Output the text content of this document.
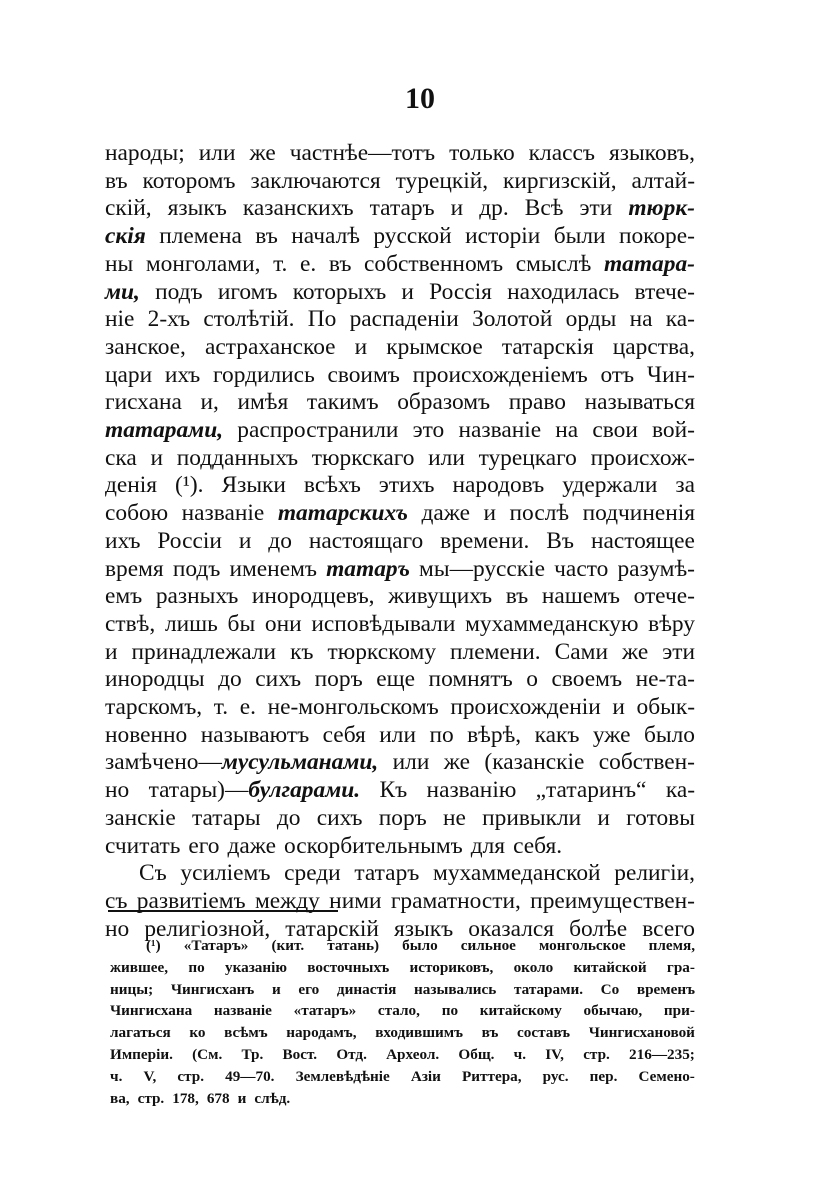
10
народы; или же частнѣе—тотъ только классъ языковъ,
въ которомъ заключаются турецкій, киргизскій, алтай-
скій, языкъ казанскихъ татаръ и др. Всѣ эти тюрк-
скія племена въ началѣ русской исторіи были покоре-
ны монголами, т. е. въ собственномъ смыслѣ татара-
ми, подъ игомъ которыхъ и Россія находилась втече-
ніе 2-хъ столѣтій. По распаденіи Золотой орды на ка-
занское, астраханское и крымское татарскія царства,
цари ихъ гордились своимъ происхожденіемъ отъ Чин-
гисхана и, имѣя такимъ образомъ право называться
татарами, распространили это названіе на свои вой-
ска и подданныхъ тюркскаго или турецкаго происхож-
денія (¹). Языки всѣхъ этихъ народовъ удержали за
собою названіе татарскихъ даже и послѣ подчиненія
ихъ Россіи и до настоящаго времени. Въ настоящее
время подъ именемъ татаръ мы—русскіе часто разумѣ-
емъ разныхъ инородцевъ, живущихъ въ нашемъ отече-
ствѣ, лишь бы они исповѣдывали мухаммеданскую вѣру
и принадлежали къ тюркскому племени. Сами же эти
инородцы до сихъ поръ еще помнятъ о своемъ не-та-
тарскомъ, т. е. не-монгольскомъ происхожденіи и обык-
новенно называютъ себя или по вѣрѣ, какъ уже было
замѣчено—мусульманами, или же (казанскіе собствен-
но татары)—булгарами. Къ названію „татаринъ“ ка-
занскіе татары до сихъ поръ не привыкли и готовы
считать его даже оскорбительнымъ для себя.
Съ усиліемъ среди татаръ мухаммеданской религіи,
съ развитіемъ между ними граматности, преимуществен-
но религіозной, татарскій языкъ оказался болѣе всего
(¹) «Татаръ» (кит. татань) было сильное монгольское племя,
жившее, по указанію восточныхъ историковъ, около китайской гра-
ницы; Чингисханъ и его династія назывались татарами. Со временъ
Чингисхана названіе «татаръ» стало, по китайскому обычаю, при-
лагаться ко всѣмъ народамъ, входившимъ въ составъ Чингисхановой
Имперіи. (См. Тр. Вост. Отд. Археол. Общ. ч. IV, стр. 216—235;
ч. V, стр. 49—70. Землевѣдѣніе Азіи Риттера, рус. пер. Семено-
ва, стр. 178, 678 и слѣд.
